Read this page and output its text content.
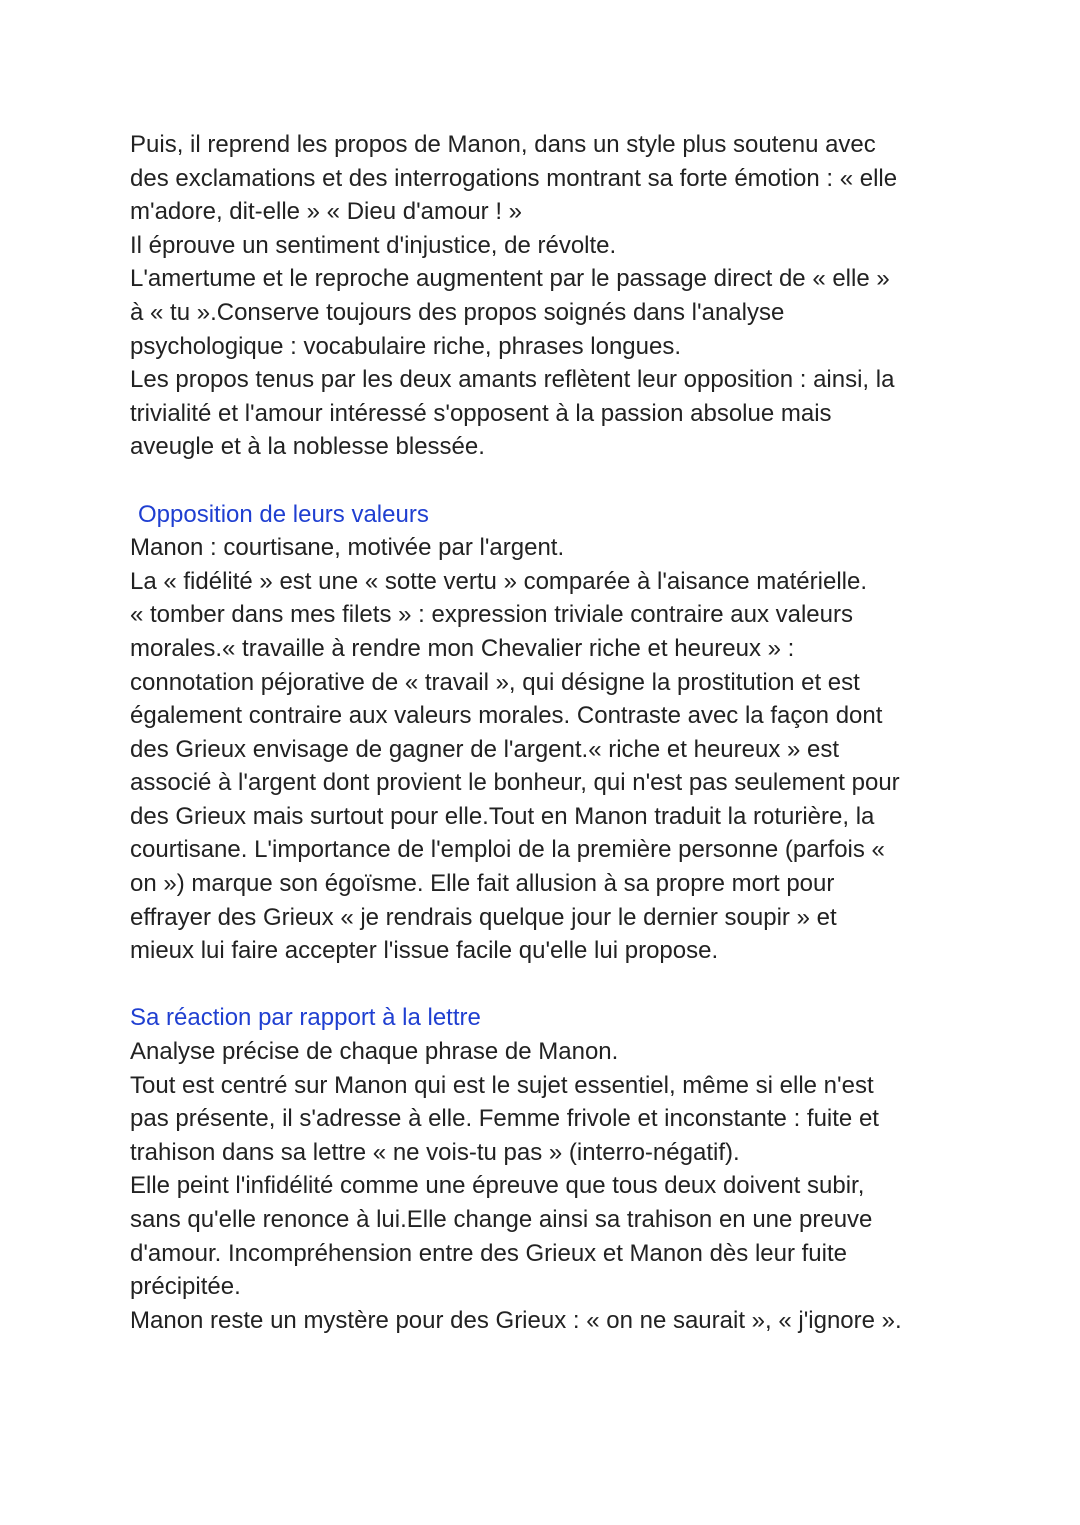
Puis, il reprend les propos de Manon, dans un style plus soutenu avec
des exclamations et des interrogations montrant sa forte émotion : « elle
m'adore, dit-elle » « Dieu d'amour ! »
Il éprouve un sentiment d'injustice, de révolte.
L'amertume et le reproche augmentent par le passage direct de « elle »
à « tu ».Conserve toujours des propos soignés dans l'analyse
psychologique : vocabulaire riche, phrases longues.
Les propos tenus par les deux amants reflètent leur opposition : ainsi, la
trivialité et l'amour intéressé s'opposent à la passion absolue mais
aveugle et à la noblesse blessée.
Opposition de leurs valeurs
Manon : courtisane, motivée par l'argent.
La « fidélité » est une « sotte vertu » comparée à l'aisance matérielle.
« tomber dans mes filets » : expression triviale contraire aux valeurs
morales.« travaille à rendre mon Chevalier riche et heureux » :
connotation péjorative de « travail », qui désigne la prostitution et est
également contraire aux valeurs morales. Contraste avec la façon dont
des Grieux envisage de gagner de l'argent.« riche et heureux » est
associé à l'argent dont provient le bonheur, qui n'est pas seulement pour
des Grieux mais surtout pour elle.Tout en Manon traduit la roturière, la
courtisane. L'importance de l'emploi de la première personne (parfois «
on ») marque son égoïsme. Elle fait allusion à sa propre mort pour
effrayer des Grieux « je rendrais quelque jour le dernier soupir » et
mieux lui faire accepter l'issue facile qu'elle lui propose.
Sa réaction par rapport à la lettre
Analyse précise de chaque phrase de Manon.
Tout est centré sur Manon qui est le sujet essentiel, même si elle n'est
pas présente, il s'adresse à elle. Femme frivole et inconstante : fuite et
trahison dans sa lettre « ne vois-tu pas » (interro-négatif).
Elle peint l'infidélité comme une épreuve que tous deux doivent subir,
sans qu'elle renonce à lui.Elle change ainsi sa trahison en une preuve
d'amour. Incompréhension entre des Grieux et Manon dès leur fuite
précipitée.
Manon reste un mystère pour des Grieux : « on ne saurait », « j'ignore ».
